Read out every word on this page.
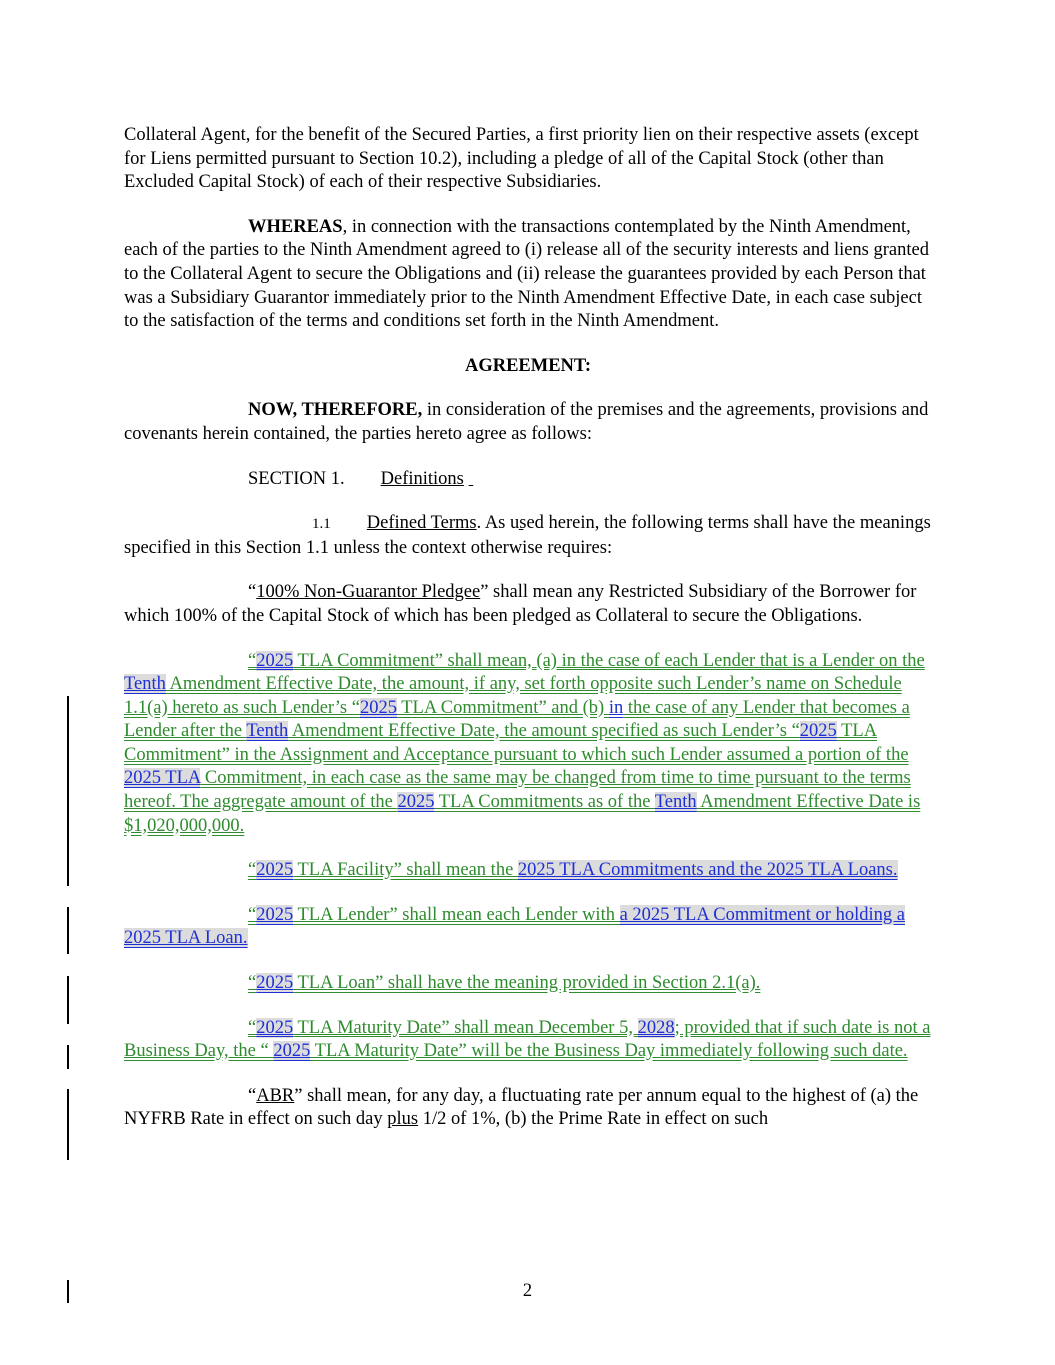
Collateral Agent, for the benefit of the Secured Parties, a first priority lien on their respective assets (except for Liens permitted pursuant to Section 10.2), including a pledge of all of the Capital Stock (other than Excluded Capital Stock) of each of their respective Subsidiaries.

WHEREAS, in connection with the transactions contemplated by the Ninth Amendment, each of the parties to the Ninth Amendment agreed to (i) release all of the security interests and liens granted to the Collateral Agent to secure the Obligations and (ii) release the guarantees provided by each Person that was a Subsidiary Guarantor immediately prior to the Ninth Amendment Effective Date, in each case subject to the satisfaction of the terms and conditions set forth in the Ninth Amendment.

AGREEMENT:

NOW, THEREFORE, in consideration of the premises and the agreements, provisions and covenants herein contained, the parties hereto agree as follows:

SECTION 1. Definitions

1.1 Defined Terms. As used herein, the following terms shall have the meanings specified in this Section 1.1 unless the context otherwise requires:

“100% Non-Guarantor Pledgee” shall mean any Restricted Subsidiary of the Borrower for which 100% of the Capital Stock of which has been pledged as Collateral to secure the Obligations.

“2025 TLA Commitment” shall mean, (a) in the case of each Lender that is a Lender on the Tenth Amendment Effective Date, the amount, if any, set forth opposite such Lender’s name on Schedule 1.1(a) hereto as such Lender’s “2025 TLA Commitment” and (b) in the case of any Lender that becomes a Lender after the Tenth Amendment Effective Date, the amount specified as such Lender’s “2025 TLA Commitment” in the Assignment and Acceptance pursuant to which such Lender assumed a portion of the 2025 TLA Commitment, in each case as the same may be changed from time to time pursuant to the terms hereof. The aggregate amount of the 2025 TLA Commitments as of the Tenth Amendment Effective Date is $1,020,000,000.

“2025 TLA Facility” shall mean the 2025 TLA Commitments and the 2025 TLA Loans.

“2025 TLA Lender” shall mean each Lender with a 2025 TLA Commitment or holding a 2025 TLA Loan.

“2025 TLA Loan” shall have the meaning provided in Section 2.1(a).

“2025 TLA Maturity Date” shall mean December 5, 2028; provided that if such date is not a Business Day, the “ 2025 TLA Maturity Date” will be the Business Day immediately following such date.

“ABR” shall mean, for any day, a fluctuating rate per annum equal to the highest of (a) the NYFRB Rate in effect on such day plus 1/2 of 1%, (b) the Prime Rate in effect on such

2
